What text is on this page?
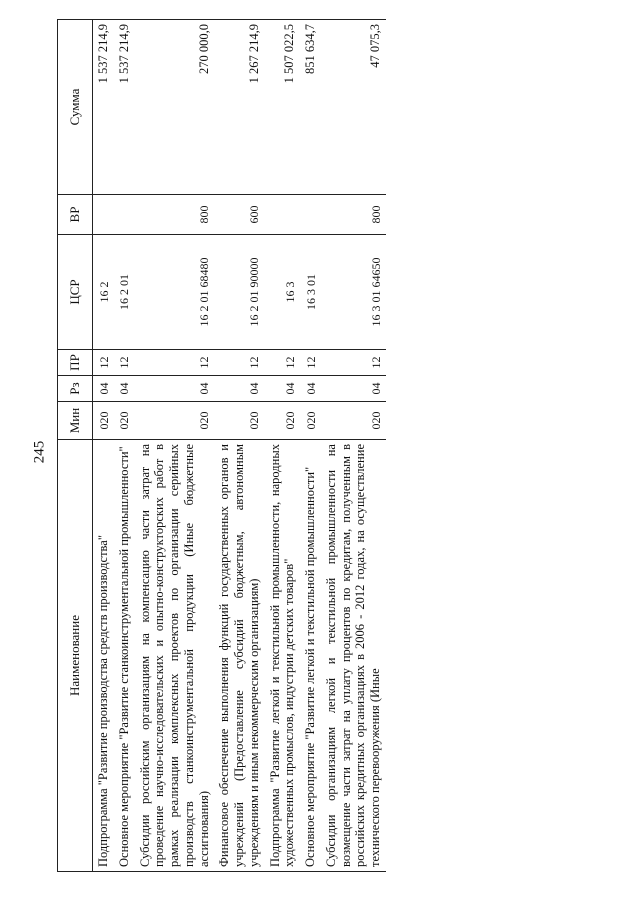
245
Наименование	Мин	Рз	ПР	ЦСР	ВР	Сумма
Подпрограмма "Развитие производства средств производства"	020	04	12	16 2		1 537 214,9
Основное мероприятие "Развитие станкоинструментальной промышленности"	020	04	12	16 2 01		1 537 214,9
Субсидии российским организациям на компенсацию части затрат на проведение научно-исследовательских и опытно-конструкторских работ в рамках реализации комплексных проектов по организации серийных производств станкоинструментальной продукции (Иные бюджетные ассигнования)	020	04	12	16 2 01 68480	800	270 000,0
Финансовое обеспечение выполнения функций государственных органов и учреждений (Предоставление субсидий бюджетным, автономным учреждениям и иным некоммерческим организациям)	020	04	12	16 2 01 90000	600	1 267 214,9
Подпрограмма "Развитие легкой и текстильной промышленности, народных художественных промыслов, индустрии детских товаров"	020	04	12	16 3		1 507 022,5
Основное мероприятие "Развитие легкой и текстильной промышленности"	020	04	12	16 3 01		851 634,7
Субсидии организациям легкой и текстильной промышленности на возмещение части затрат на уплату процентов по кредитам, полученным в российских кредитных организациях в 2006 - 2012 годах, на осуществление технического перевооружения (Иные	020	04	12	16 3 01 64650	800	47 075,3
